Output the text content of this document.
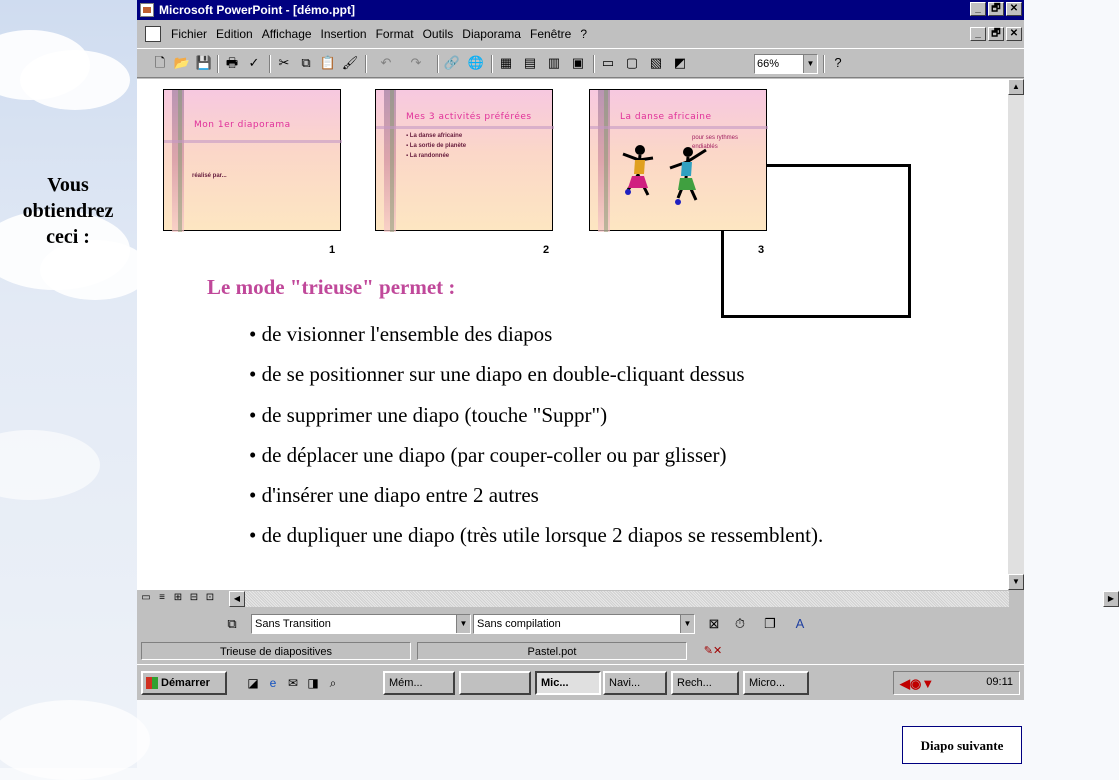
Vous
obtiendrez
ceci :
Microsoft PowerPoint - [démo.ppt]	_	🗗 ✕
Fichier Edition Affichage Insertion Format Outils Diaporama Fenêtre ?	_	🗗 ✕
🗋 📂 💾 🖶 ✓ ✂ ⧉ 📋 🖌 ↶ ↷ 🔗 🌐 ▦ ▤ ▥ ▣ ▭ ▢ ▧ ◩	66%	▼	?
Mon 1er diaporama
réalisé par...
1
Mes 3 activités préférées
▪ La danse africaine
▪ La sortie de planète
▪ La randonnée
2
La danse africaine
pour ses rythmes endiablés
3
Le mode "trieuse" permet :
• de visionner l'ensemble des diapos
• de se positionner sur une diapo en double-cliquant dessus
• de supprimer une diapo (touche "Suppr")
• de déplacer une diapo (par couper-coller ou par glisser)
• d'insérer une diapo entre 2 autres
• de dupliquer une diapo (très utile lorsque 2 diapos se ressemblent).
▲
▼
▭ ≡ ⊞ ⊟ ⊡	◀	▶
⧉	Sans Transition	▼ Sans compilation	▼ ⊠	⏱	❐	A
Trieuse de diapositives	Pastel.pot	✎✕
Démarrer	◪ e ✉ ◨ ⌕	Mém...	Mic...	Navi...	Rech...	Micro...	◀◉▼	09:11
Diapo suivante
